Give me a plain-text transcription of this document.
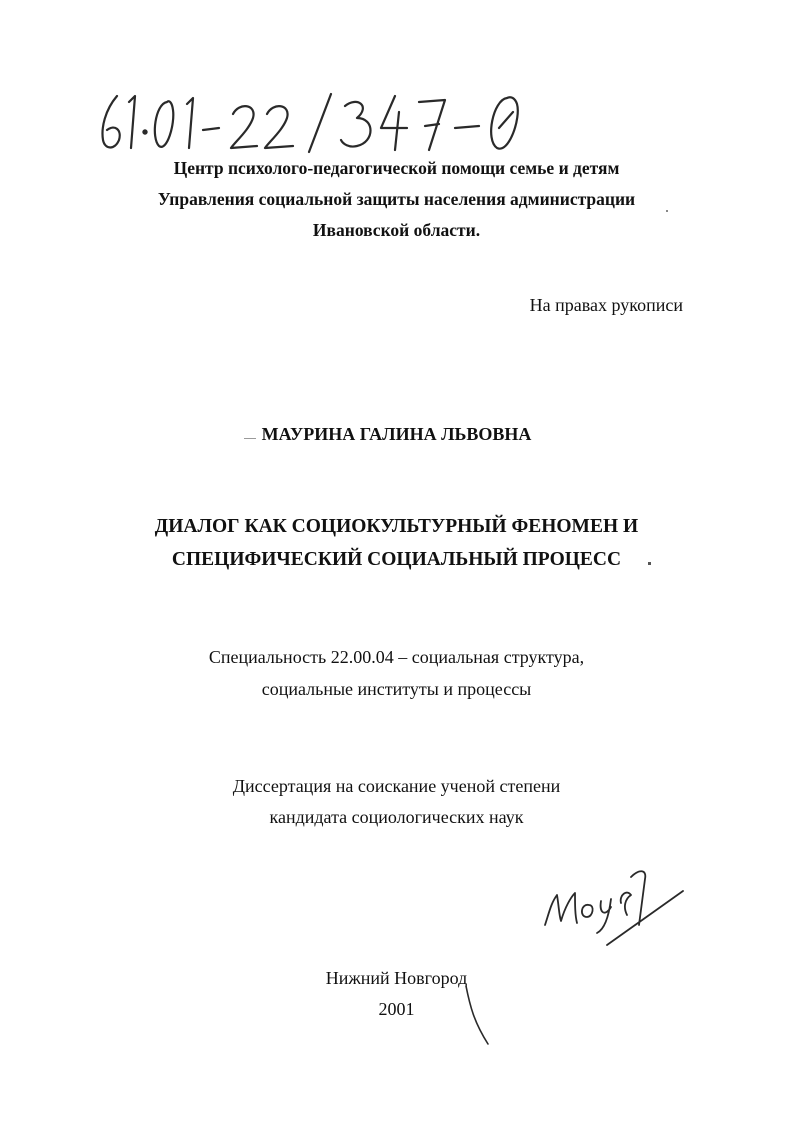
Центр психолого-педагогической помощи семье и детям
Управления социальной защиты населения администрации
Ивановской области.
На правах рукописи
МАУРИНА ГАЛИНА ЛЬВОВНА
ДИАЛОГ КАК СОЦИОКУЛЬТУРНЫЙ ФЕНОМЕН И
СПЕЦИФИЧЕСКИЙ СОЦИАЛЬНЫЙ ПРОЦЕСС
Специальность 22.00.04 – социальная структура,
социальные институты и процессы
Диссертация на соискание ученой степени
кандидата социологических наук
Нижний Новгород
2001
